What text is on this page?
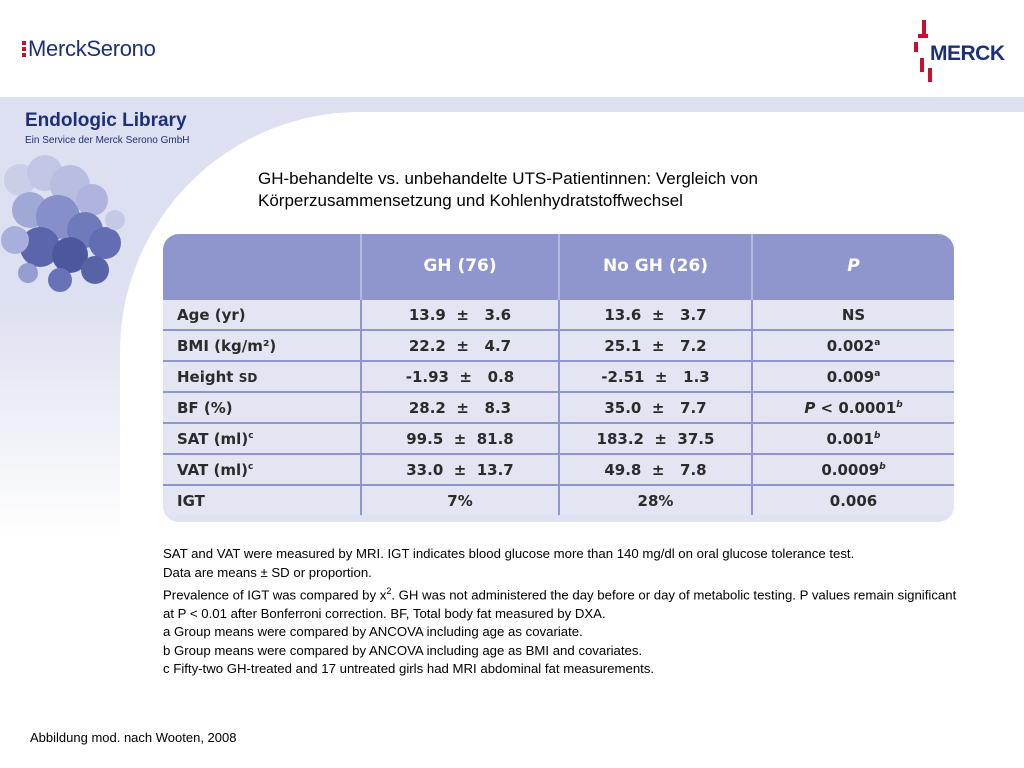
MerckSerono	MERCK
Endologic Library
Ein Service der Merck Serono GmbH
GH-behandelte vs. unbehandelte UTS-Patientinnen: Vergleich von Körperzusammensetzung und Kohlenhydratstoffwechsel
	GH (76)	No GH (26)	P
Age (yr)	13.9  ±   3.6	13.6  ±   3.7	NS
BMI (kg/m²)	22.2  ±   4.7	25.1  ±   7.2	0.002$^a$
Height SD	-1.93  ±   0.8	-2.51  ±   1.3	0.009$^a$
BF (%)	28.2  ±   8.3	35.0  ±   7.7	P < 0.0001$^b$
SAT (ml)$^c$	99.5  ±  81.8	183.2  ±  37.5	0.001$^b$
VAT (ml)$^c$	33.0  ±  13.7	49.8  ±   7.8	0.0009$^b$
IGT	7%	28%	0.006

SAT and VAT were measured by MRI. IGT indicates blood glucose more than 140 mg/dl on oral glucose tolerance test.

Data are means ± SD or proportion.

Prevalence of IGT was compared by $x^2$. GH was not administered the day before or day of metabolic testing. P values remain significant at P < 0.01 after Bonferroni correction. BF, Total body fat measured by DXA.

a Group means were compared by ANCOVA including age as covariate.

b Group means were compared by ANCOVA including age as BMI and covariates.

c Fifty-two GH-treated and 17 untreated girls had MRI abdominal fat measurements.

Abbildung mod. nach Wooten, 2008
